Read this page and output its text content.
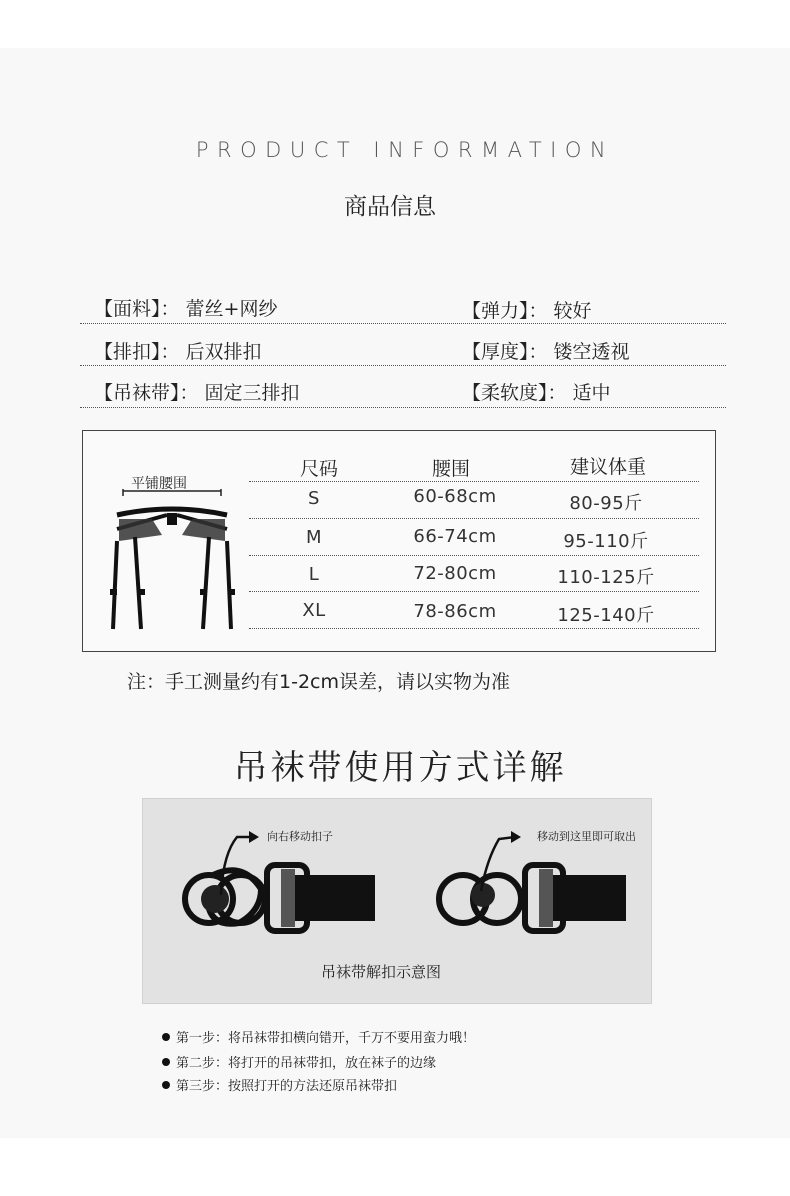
PRODUCT INFORMATION
商品信息
【面料】： 蕾丝+网纱	【弹力】： 较好
【排扣】： 后双排扣	【厚度】： 镂空透视
【吊袜带】： 固定三排扣	【柔软度】： 适中
平铺腰围
尺码	腰围	建议体重
S	60-68cm	80-95斤
M	66-74cm	95-110斤
L	72-80cm	110-125斤
XL	78-86cm	125-140斤
注：手工测量约有1-2cm误差，请以实物为准
吊袜带使用方式详解
向右移动扣子	移动到这里即可取出
吊袜带解扣示意图
第一步：将吊袜带扣横向错开，千万不要用蛮力哦！
第二步：将打开的吊袜带扣，放在袜子的边缘
第三步：按照打开的方法还原吊袜带扣
